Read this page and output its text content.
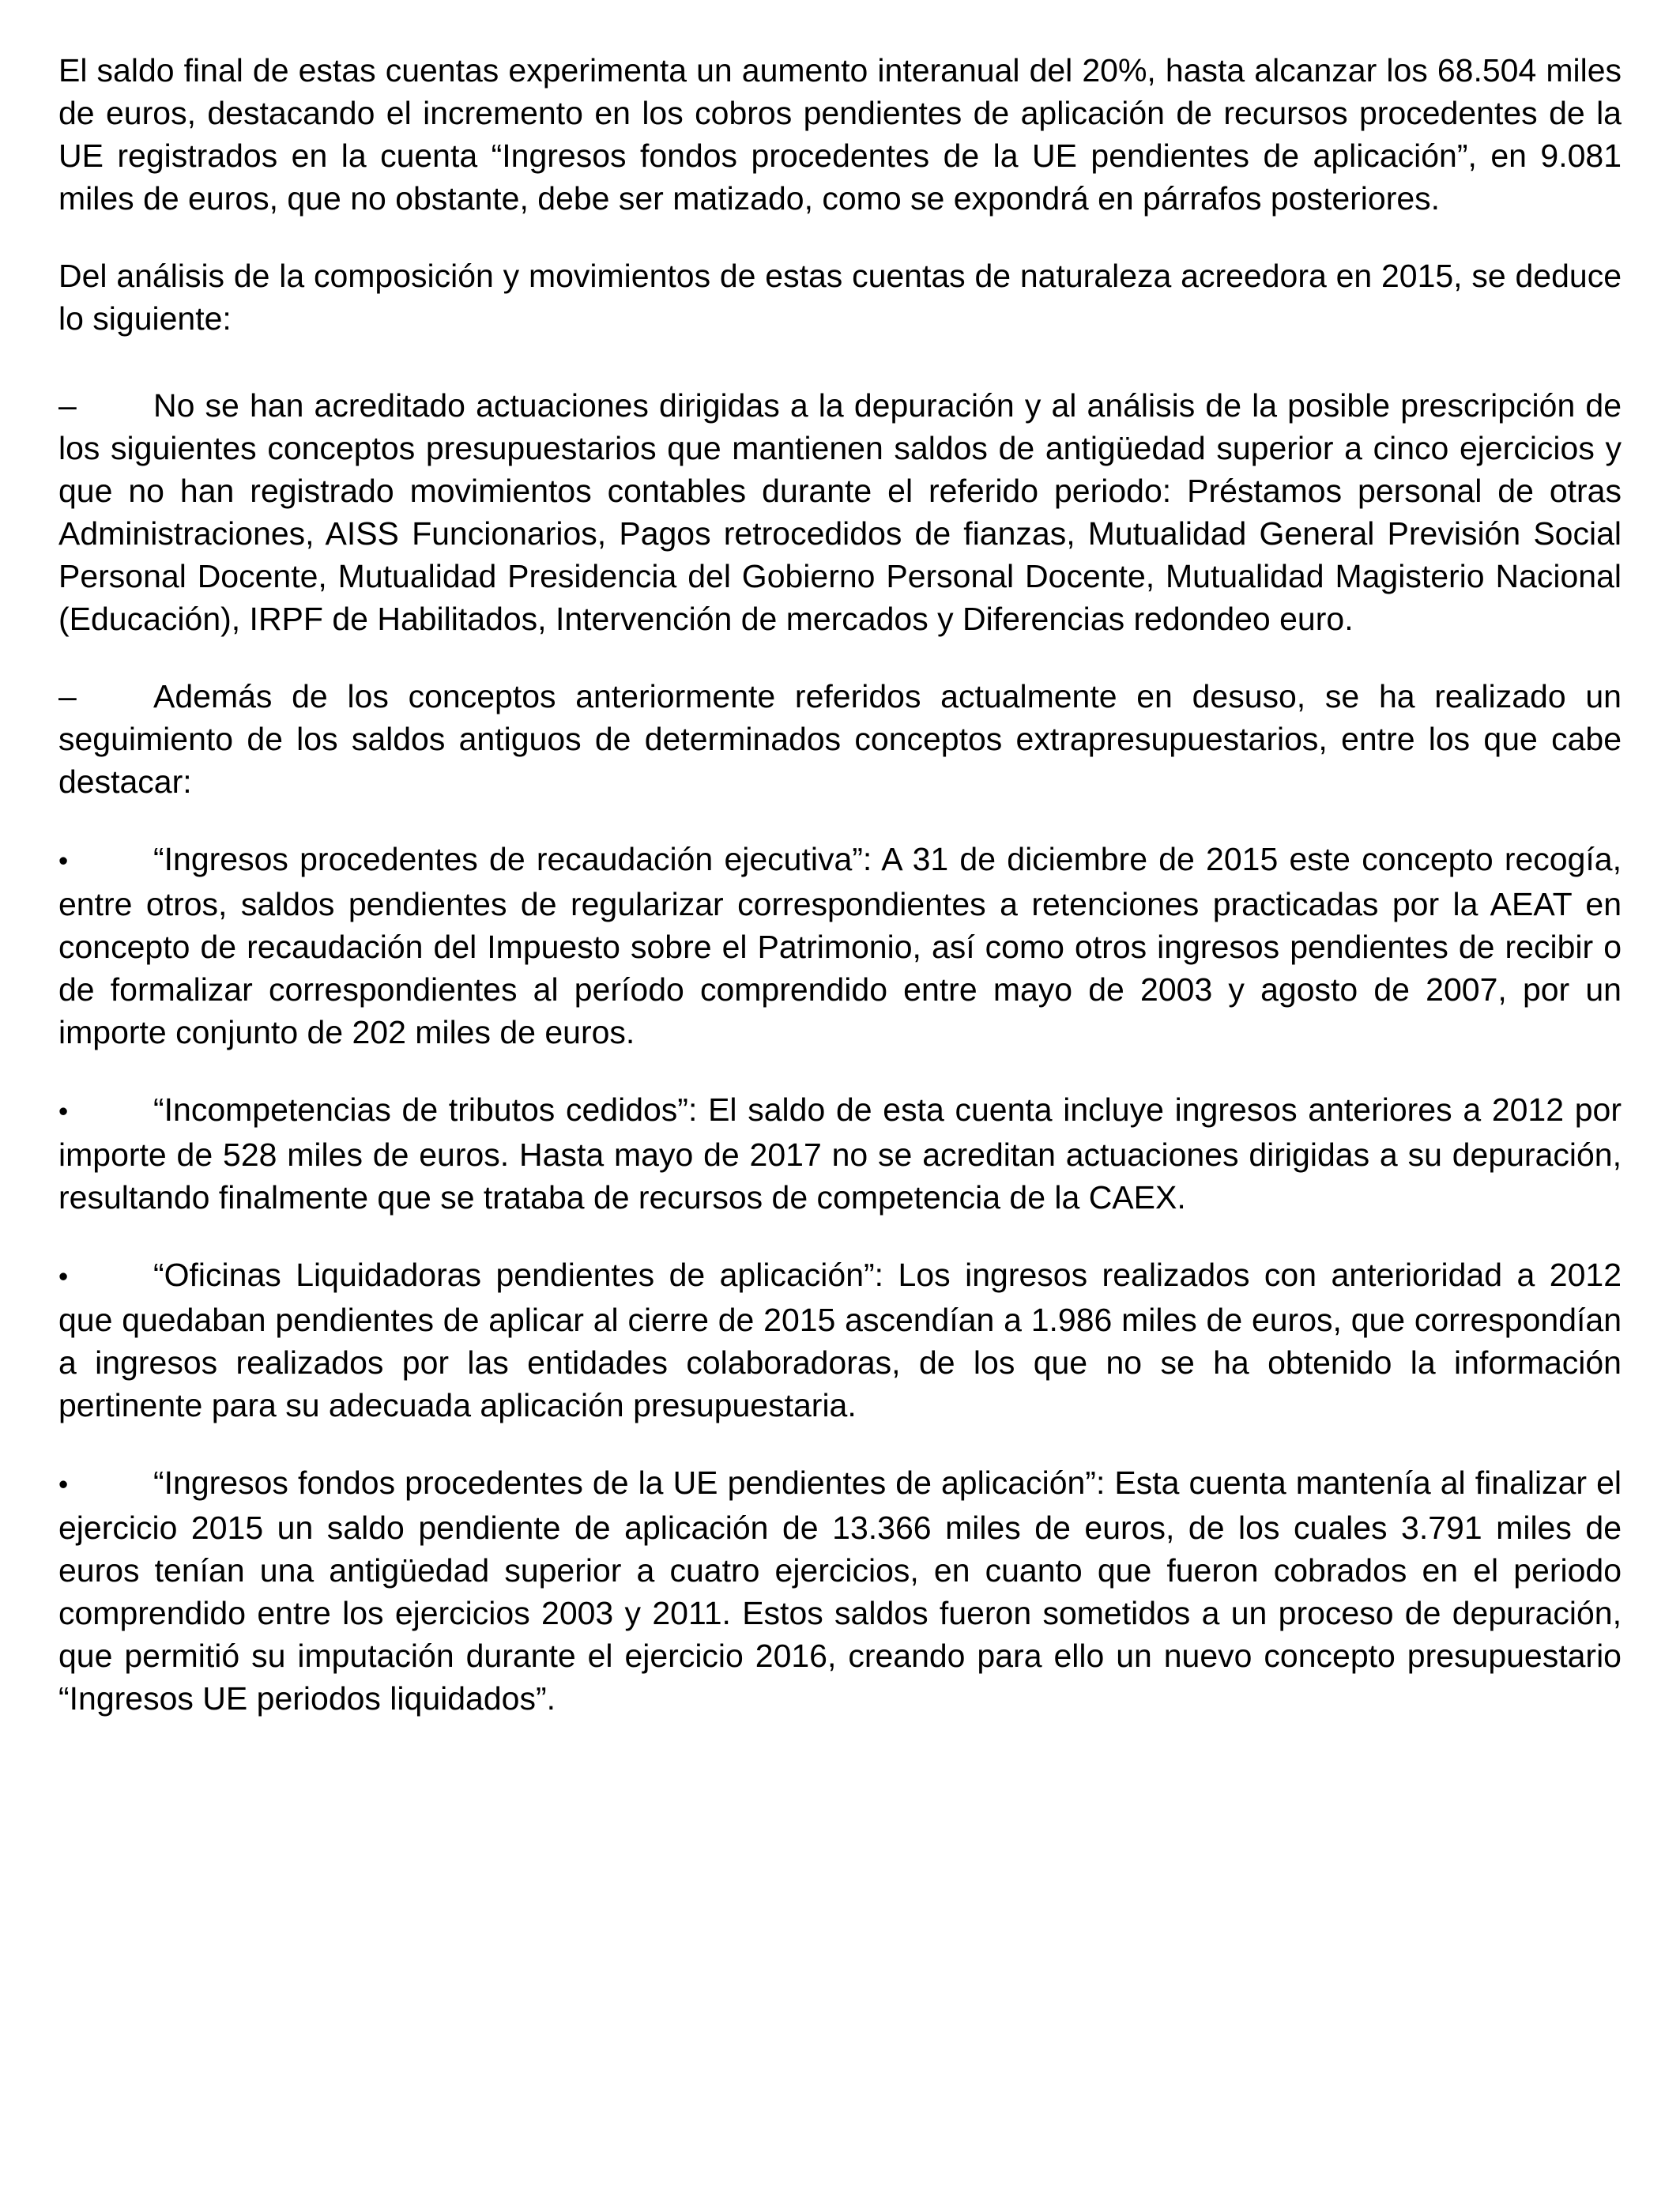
El saldo final de estas cuentas experimenta un aumento interanual del 20%, hasta alcanzar los 68.504 miles de euros, destacando el incremento en los cobros pendientes de aplicación de recursos procedentes de la UE registrados en la cuenta “Ingresos fondos procedentes de la UE pendientes de aplicación”, en 9.081 miles de euros, que no obstante, debe ser matizado, como se expondrá en párrafos posteriores.

Del análisis de la composición y movimientos de estas cuentas de naturaleza acreedora en 2015, se deduce lo siguiente:

– No se han acreditado actuaciones dirigidas a la depuración y al análisis de la posible prescripción de los siguientes conceptos presupuestarios que mantienen saldos de antigüedad superior a cinco ejercicios y que no han registrado movimientos contables durante el referido periodo: Préstamos personal de otras Administraciones, AISS Funcionarios, Pagos retrocedidos de fianzas, Mutualidad General Previsión Social Personal Docente, Mutualidad Presidencia del Gobierno Personal Docente, Mutualidad Magisterio Nacional (Educación), IRPF de Habilitados, Intervención de mercados y Diferencias redondeo euro.

– Además de los conceptos anteriormente referidos actualmente en desuso, se ha realizado un seguimiento de los saldos antiguos de determinados conceptos extrapresupuestarios, entre los que cabe destacar:

•	“Ingresos procedentes de recaudación ejecutiva”: A 31 de diciembre de 2015 este concepto recogía, entre otros, saldos pendientes de regularizar correspondientes a retenciones practicadas por la AEAT en concepto de recaudación del Impuesto sobre el Patrimonio, así como otros ingresos pendientes de recibir o de formalizar correspondientes al período comprendido entre mayo de 2003 y agosto de 2007, por un importe conjunto de 202 miles de euros.

•	“Incompetencias de tributos cedidos”: El saldo de esta cuenta incluye ingresos anteriores a 2012 por importe de 528 miles de euros. Hasta mayo de 2017 no se acreditan actuaciones dirigidas a su depuración, resultando finalmente que se trataba de recursos de competencia de la CAEX.

•	“Oficinas Liquidadoras pendientes de aplicación”: Los ingresos realizados con anterioridad a 2012 que quedaban pendientes de aplicar al cierre de 2015 ascendían a 1.986 miles de euros, que correspondían a ingresos realizados por las entidades colaboradoras, de los que no se ha obtenido la información pertinente para su adecuada aplicación presupuestaria.

•	“Ingresos fondos procedentes de la UE pendientes de aplicación”: Esta cuenta mantenía al finalizar el ejercicio 2015 un saldo pendiente de aplicación de 13.366 miles de euros, de los cuales 3.791 miles de euros tenían una antigüedad superior a cuatro ejercicios, en cuanto que fueron cobrados en el periodo comprendido entre los ejercicios 2003 y 2011. Estos saldos fueron sometidos a un proceso de depuración, que permitió su imputación durante el ejercicio 2016, creando para ello un nuevo concepto presupuestario “Ingresos UE periodos liquidados”.
